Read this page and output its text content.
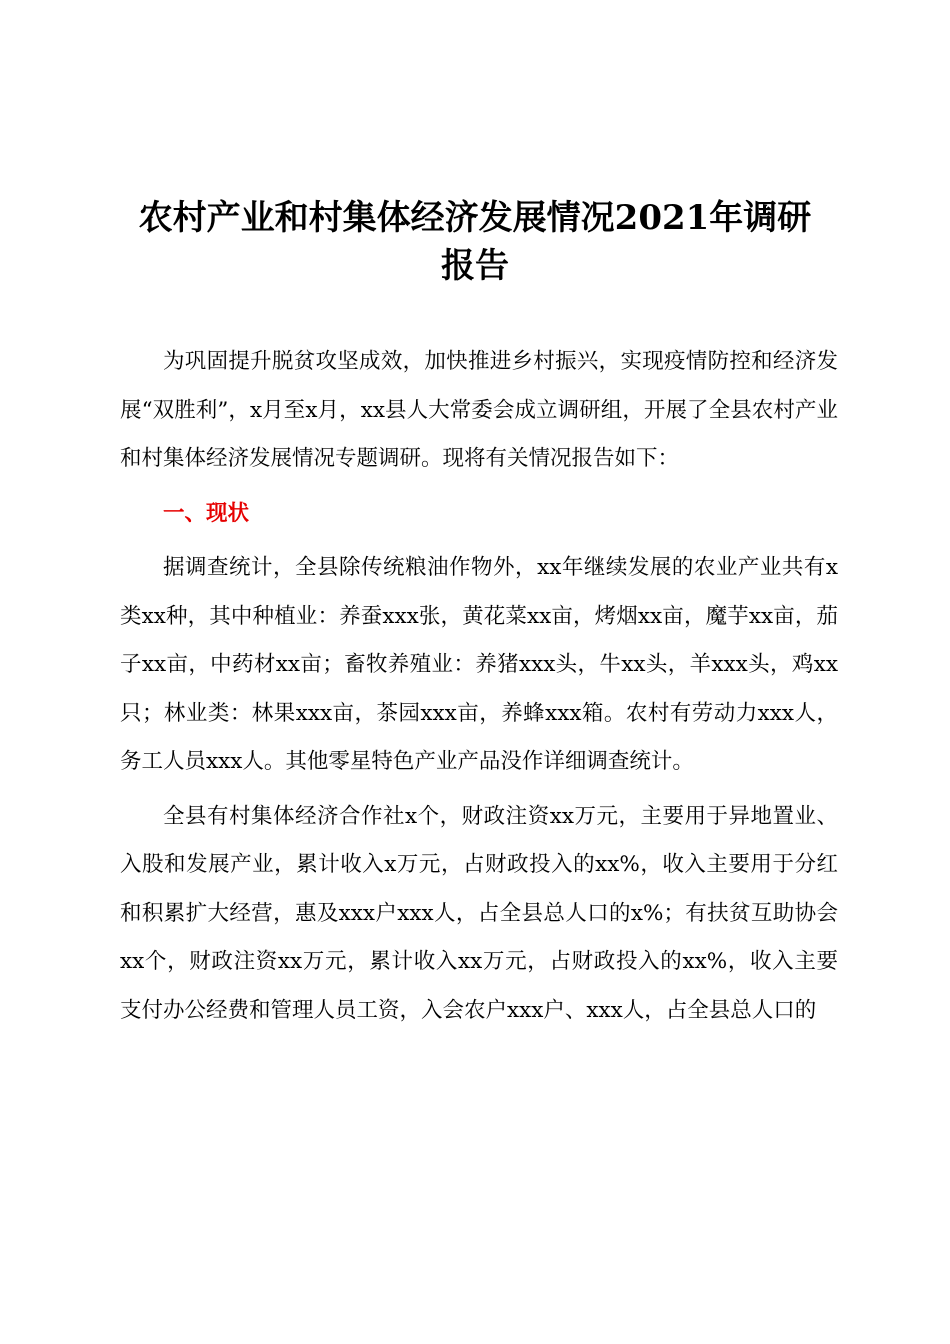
农村产业和村集体经济发展情况2021年调研
报告

为巩固提升脱贫攻坚成效，加快推进乡村振兴，实现疫情防控和经济发展“双胜利”，x月至x月，xx县人大常委会成立调研组，开展了全县农村产业和村集体经济发展情况专题调研。现将有关情况报告如下：

一、现状

据调查统计，全县除传统粮油作物外，xx年继续发展的农业产业共有x类xx种，其中种植业：养蚕xxx张，黄花菜xx亩，烤烟xx亩，魔芋xx亩，茄子xx亩，中药材xx亩；畜牧养殖业：养猪xxx头，牛xx头，羊xxx头，鸡xx只；林业类：林果xxx亩，茶园xxx亩，养蜂xxx箱。农村有劳动力xxx人，务工人员xxx人。其他零星特色产业产品没作详细调查统计。

全县有村集体经济合作社x个，财政注资xx万元，主要用于异地置业、入股和发展产业，累计收入x万元，占财政投入的xx%，收入主要用于分红和积累扩大经营，惠及xxx户xxx人，占全县总人口的x%；有扶贫互助协会xx个，财政注资xx万元，累计收入xx万元，占财政投入的xx%，收入主要支付办公经费和管理人员工资，入会农户xxx户、xxx人，占全县总人口的
